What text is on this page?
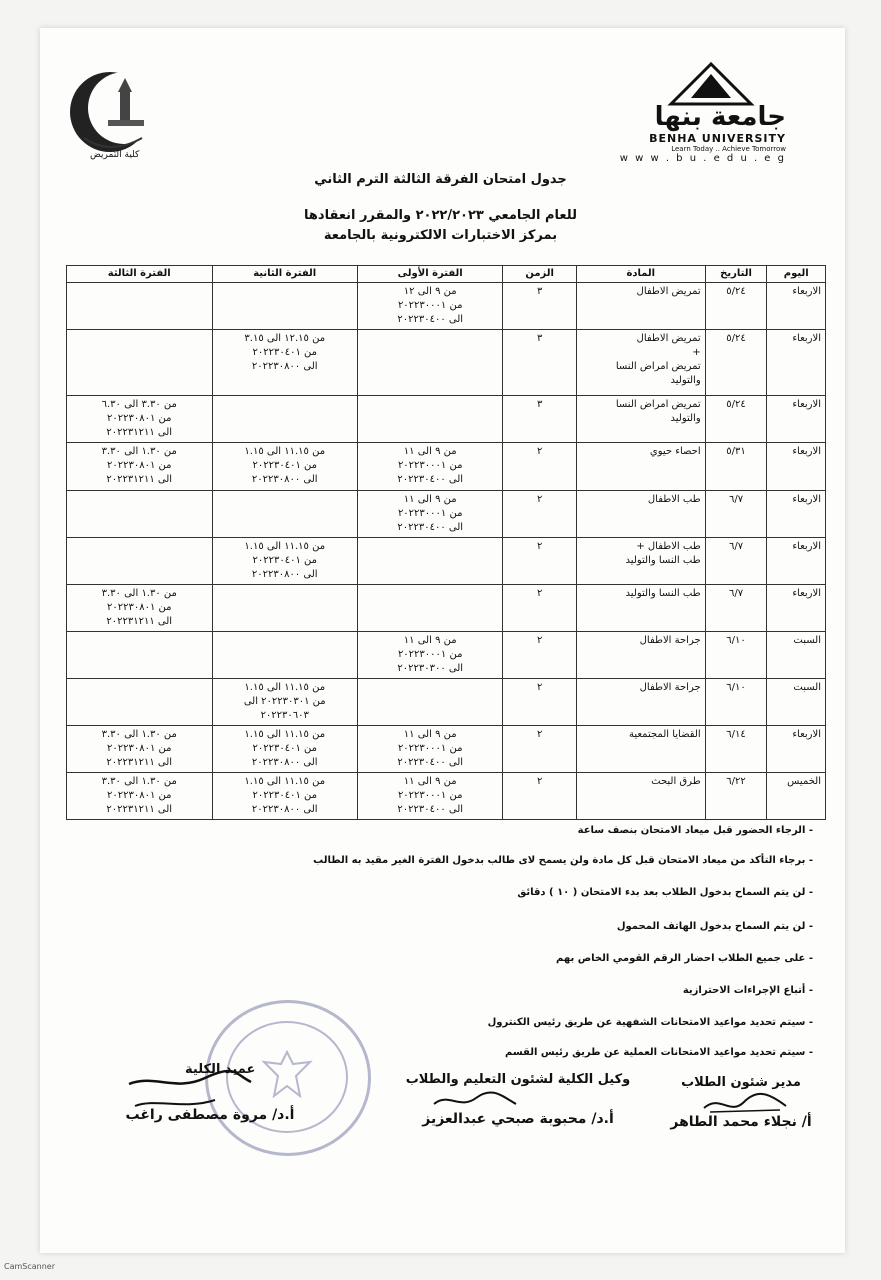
كلية التمريض
جامعة بنها
BENHA UNIVERSITY
Learn Today .. Achieve Tomorrow
w w w . b u . e d u . e g
جدول امتحان الفرقة الثالثة الترم الثاني
للعام الجامعي ٢٠٢٢/٢٠٢٣ والمقرر انعقادها
بمركز الاختبارات الالكترونية بالجامعة
اليوم	التاريخ	المادة	الزمن	الفترة الأولى	الفترة الثانية	الفترة الثالثة
الاربعاء	٥/٢٤	تمريض الاطفال	٣	من ٩ الى ١٢
من ٢٠٢٢٣٠٠٠١
الى ٢٠٢٢٣٠٤٠٠		
الاربعاء	٥/٢٤	تمريض الاطفال
+
تمريض امراض النسا
والتوليد	٣		من ١٢.١٥ الى ٣.١٥
من ٢٠٢٢٣٠٤٠١
الى ٢٠٢٢٣٠٨٠٠	
الاربعاء	٥/٢٤	تمريض امراض النسا
والتوليد	٣			من ٣.٣٠ الى ٦.٣٠
من ٢٠٢٢٣٠٨٠١
الى ٢٠٢٢٣١٢١١
الاربعاء	٥/٣١	احصاء حيوي	٢	من ٩ الى ١١
من ٢٠٢٢٣٠٠٠١
الى ٢٠٢٢٣٠٤٠٠	من ١١.١٥ الى ١.١٥
من ٢٠٢٢٣٠٤٠١
الى ٢٠٢٢٣٠٨٠٠	من ١.٣٠ الى ٣.٣٠
من ٢٠٢٢٣٠٨٠١
الى ٢٠٢٢٣١٢١١
الاربعاء	٦/٧	طب الاطفال	٢	من ٩ الى ١١
من ٢٠٢٢٣٠٠٠١
الى ٢٠٢٢٣٠٤٠٠		
الاربعاء	٦/٧	طب الاطفال +
طب النسا والتوليد	٢		من ١١.١٥ الى ١.١٥
من ٢٠٢٢٣٠٤٠١
الى ٢٠٢٢٣٠٨٠٠	
الاربعاء	٦/٧	طب النسا والتوليد	٢			من ١.٣٠ الى ٣.٣٠
من ٢٠٢٢٣٠٨٠١
الى ٢٠٢٢٣١٢١١
السبت	٦/١٠	جراحة الاطفال	٢	من ٩ الى ١١
من ٢٠٢٢٣٠٠٠١
الى ٢٠٢٢٣٠٣٠٠		
السبت	٦/١٠	جراحة الاطفال	٢		من ١١.١٥ الى ١.١٥
من ٢٠٢٢٣٠٣٠١ الى
٢٠٢٢٣٠٦٠٣	
الاربعاء	٦/١٤	القضايا المجتمعية	٢	من ٩ الى ١١
من ٢٠٢٢٣٠٠٠١
الى ٢٠٢٢٣٠٤٠٠	من ١١.١٥ الى ١.١٥
من ٢٠٢٢٣٠٤٠١
الى ٢٠٢٢٣٠٨٠٠	من ١.٣٠ الى ٣.٣٠
من ٢٠٢٢٣٠٨٠١
الى ٢٠٢٢٣١٢١١
الخميس	٦/٢٢	طرق البحث	٢	من ٩ الى ١١
من ٢٠٢٢٣٠٠٠١
الى ٢٠٢٢٣٠٤٠٠	من ١١.١٥ الى ١.١٥
من ٢٠٢٢٣٠٤٠١
الى ٢٠٢٢٣٠٨٠٠	من ١.٣٠ الى ٣.٣٠
من ٢٠٢٢٣٠٨٠١
الى ٢٠٢٢٣١٢١١
- الرجاء الحضور قبل ميعاد الامتحان بنصف ساعة
- برجاء التأكد من ميعاد الامتحان قبل كل مادة ولن يسمح لاى طالب بدخول الفترة الغير مقيد به الطالب
- لن يتم السماح بدخول الطلاب بعد بدء الامتحان ( ١٠ ) دقائق
- لن يتم السماح بدخول الهاتف المحمول
- على جميع الطلاب احضار الرقم القومي الخاص بهم
- أتباع الإجراءات الاحترازية
- سيتم تحديد مواعيد الامتحانات الشفهية عن طريق رئيس الكنترول
- سيتم تحديد مواعيد الامتحانات العملية عن طريق رئيس القسم
مدير شئون الطلاب
أ/ نجلاء محمد الطاهر
وكيل الكلية لشئون التعليم والطلاب
أ.د/ محبوبة صبحي عبدالعزيز
عميد الكلية
أ.د/ مروة مصطفى راغب
CamScanner
